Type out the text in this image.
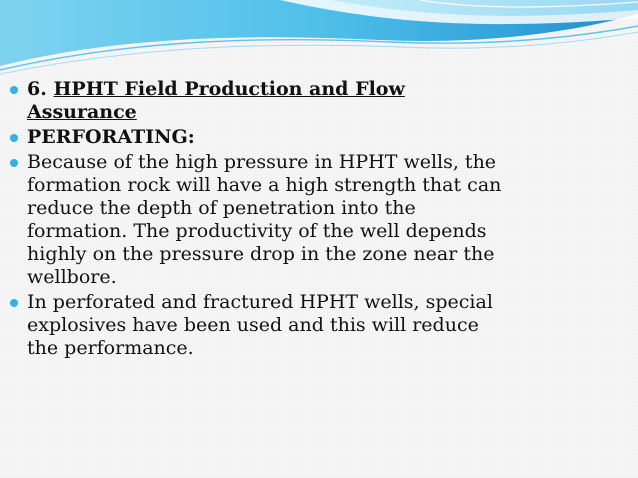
6. HPHT Field Production and Flow Assurance

PERFORATING:

Because of the high pressure in HPHT wells, the formation rock will have a high strength that can reduce the depth of penetration into the formation. The productivity of the well depends highly on the pressure drop in the zone near the wellbore.

In perforated and fractured HPHT wells, special explosives have been used and this will reduce the performance.
